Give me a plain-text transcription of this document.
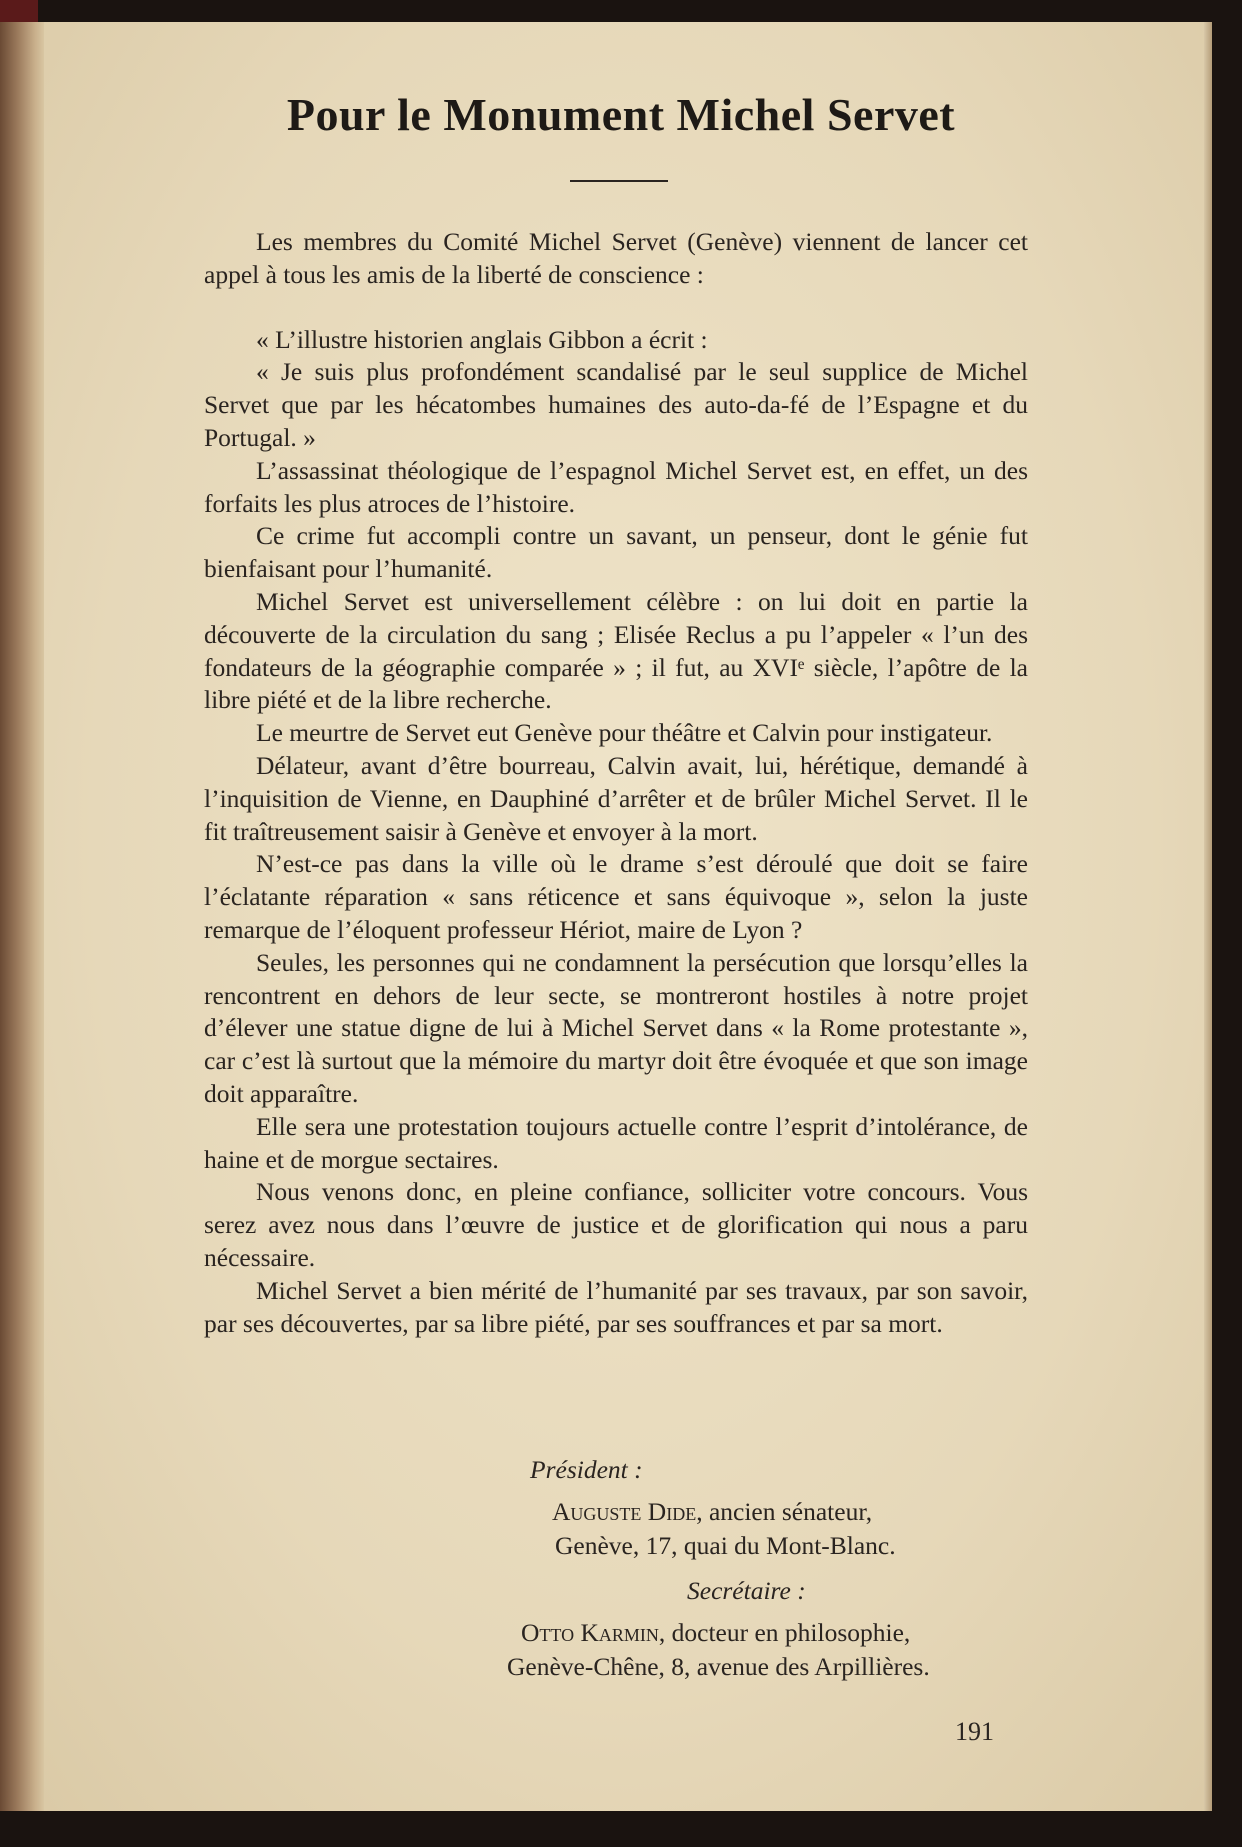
Pour le Monument Michel Servet

Les membres du Comité Michel Servet (Genève) viennent de lancer cet appel à tous les amis de la liberté de conscience :

« L’illustre historien anglais Gibbon a écrit :

« Je suis plus profondément scandalisé par le seul supplice de Michel Servet que par les hécatombes humaines des auto-da-fé de l’Espagne et du Portugal. »

L’assassinat théologique de l’espagnol Michel Servet est, en effet, un des forfaits les plus atroces de l’histoire.

Ce crime fut accompli contre un savant, un penseur, dont le génie fut bienfaisant pour l’humanité.

Michel Servet est universellement célèbre : on lui doit en partie la découverte de la circulation du sang ; Elisée Reclus a pu l’appeler « l’un des fondateurs de la géographie comparée » ; il fut, au XVIᵉ siècle, l’apôtre de la libre piété et de la libre recherche.

Le meurtre de Servet eut Genève pour théâtre et Calvin pour instigateur.

Délateur, avant d’être bourreau, Calvin avait, lui, hérétique, demandé à l’inquisition de Vienne, en Dauphiné d’arrêter et de brûler Michel Servet. Il le fit traîtreusement saisir à Genève et envoyer à la mort.

N’est-ce pas dans la ville où le drame s’est déroulé que doit se faire l’éclatante réparation « sans réticence et sans équivoque », selon la juste remarque de l’éloquent professeur Hériot, maire de Lyon ?

Seules, les personnes qui ne condamnent la persécution que lorsqu’elles la rencontrent en dehors de leur secte, se montreront hostiles à notre projet d’élever une statue digne de lui à Michel Servet dans « la Rome protestante », car c’est là surtout que la mémoire du martyr doit être évoquée et que son image doit apparaître.

Elle sera une protestation toujours actuelle contre l’esprit d’intolérance, de haine et de morgue sectaires.

Nous venons donc, en pleine confiance, solliciter votre concours. Vous serez avez nous dans l’œuvre de justice et de glorification qui nous a paru nécessaire.

Michel Servet a bien mérité de l’humanité par ses travaux, par son savoir, par ses découvertes, par sa libre piété, par ses souffrances et par sa mort.

Président :
Auguste Dide, ancien sénateur,
Genève, 17, quai du Mont-Blanc.
Secrétaire :
Otto Karmin, docteur en philosophie,
Genève-Chêne, 8, avenue des Arpillières.
191
